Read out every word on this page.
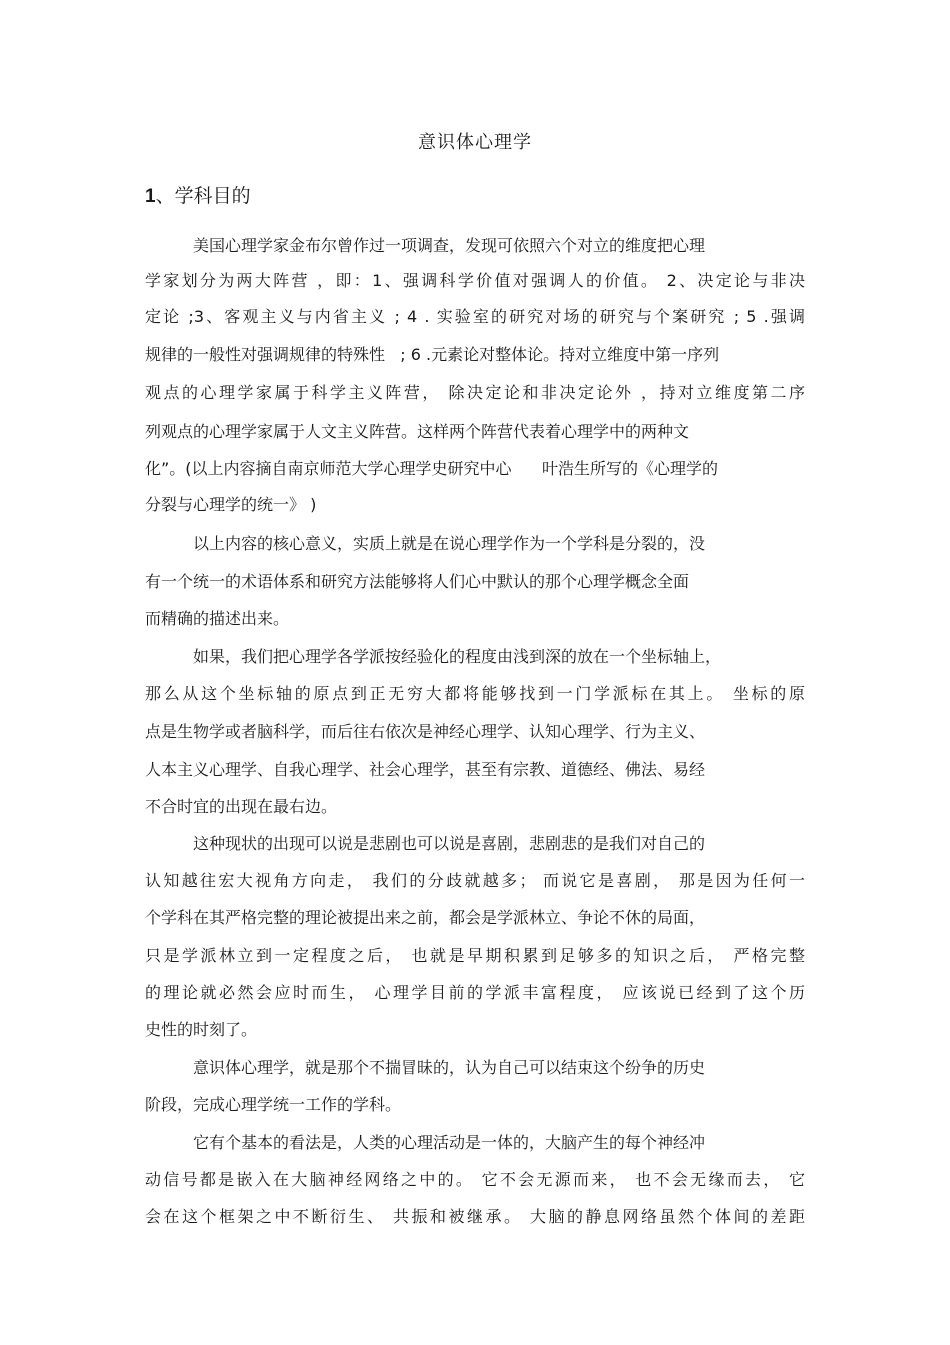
意识体心理学
1、学科目的
美国心理学家金布尔曾作过一项调查，发现可依照六个对立的维度把心理
学家划分为两大阵营 ，即：1、强调科学价值对强调人的价值。 2、决定论与非决
定论 ;3、客观主义与内省主义 ; 4 . 实验室的研究对场的研究与个案研究 ; 5 .强调
规律的一般性对强调规律的特殊性   ; 6 .元素论对整体论。持对立维度中第一序列
观点的心理学家属于科学主义阵营， 除决定论和非决定论外 ，持对立维度第二序
列观点的心理学家属于人文主义阵营。这样两个阵营代表着心理学中的两种文
化”。(以上内容摘自南京师范大学心理学史研究中心      叶浩生所写的《心理学的
分裂与心理学的统一》 )
以上内容的核心意义，实质上就是在说心理学作为一个学科是分裂的，没
有一个统一的术语体系和研究方法能够将人们心中默认的那个心理学概念全面
而精确的描述出来。
如果，我们把心理学各学派按经验化的程度由浅到深的放在一个坐标轴上，
那么从这个坐标轴的原点到正无穷大都将能够找到一门学派标在其上。 坐标的原
点是生物学或者脑科学，而后往右依次是神经心理学、认知心理学、行为主义、
人本主义心理学、自我心理学、社会心理学，甚至有宗教、道德经、佛法、易经
不合时宜的出现在最右边。
这种现状的出现可以说是悲剧也可以说是喜剧，悲剧悲的是我们对自己的
认知越往宏大视角方向走， 我们的分歧就越多； 而说它是喜剧， 那是因为任何一
个学科在其严格完整的理论被提出来之前，都会是学派林立、争论不休的局面，
只是学派林立到一定程度之后， 也就是早期积累到足够多的知识之后， 严格完整
的理论就必然会应时而生， 心理学目前的学派丰富程度， 应该说已经到了这个历
史性的时刻了。
意识体心理学，就是那个不揣冒昧的，认为自己可以结束这个纷争的历史
阶段，完成心理学统一工作的学科。
它有个基本的看法是，人类的心理活动是一体的，大脑产生的每个神经冲
动信号都是嵌入在大脑神经网络之中的。 它不会无源而来， 也不会无缘而去， 它
会在这个框架之中不断衍生、 共振和被继承。 大脑的静息网络虽然个体间的差距
